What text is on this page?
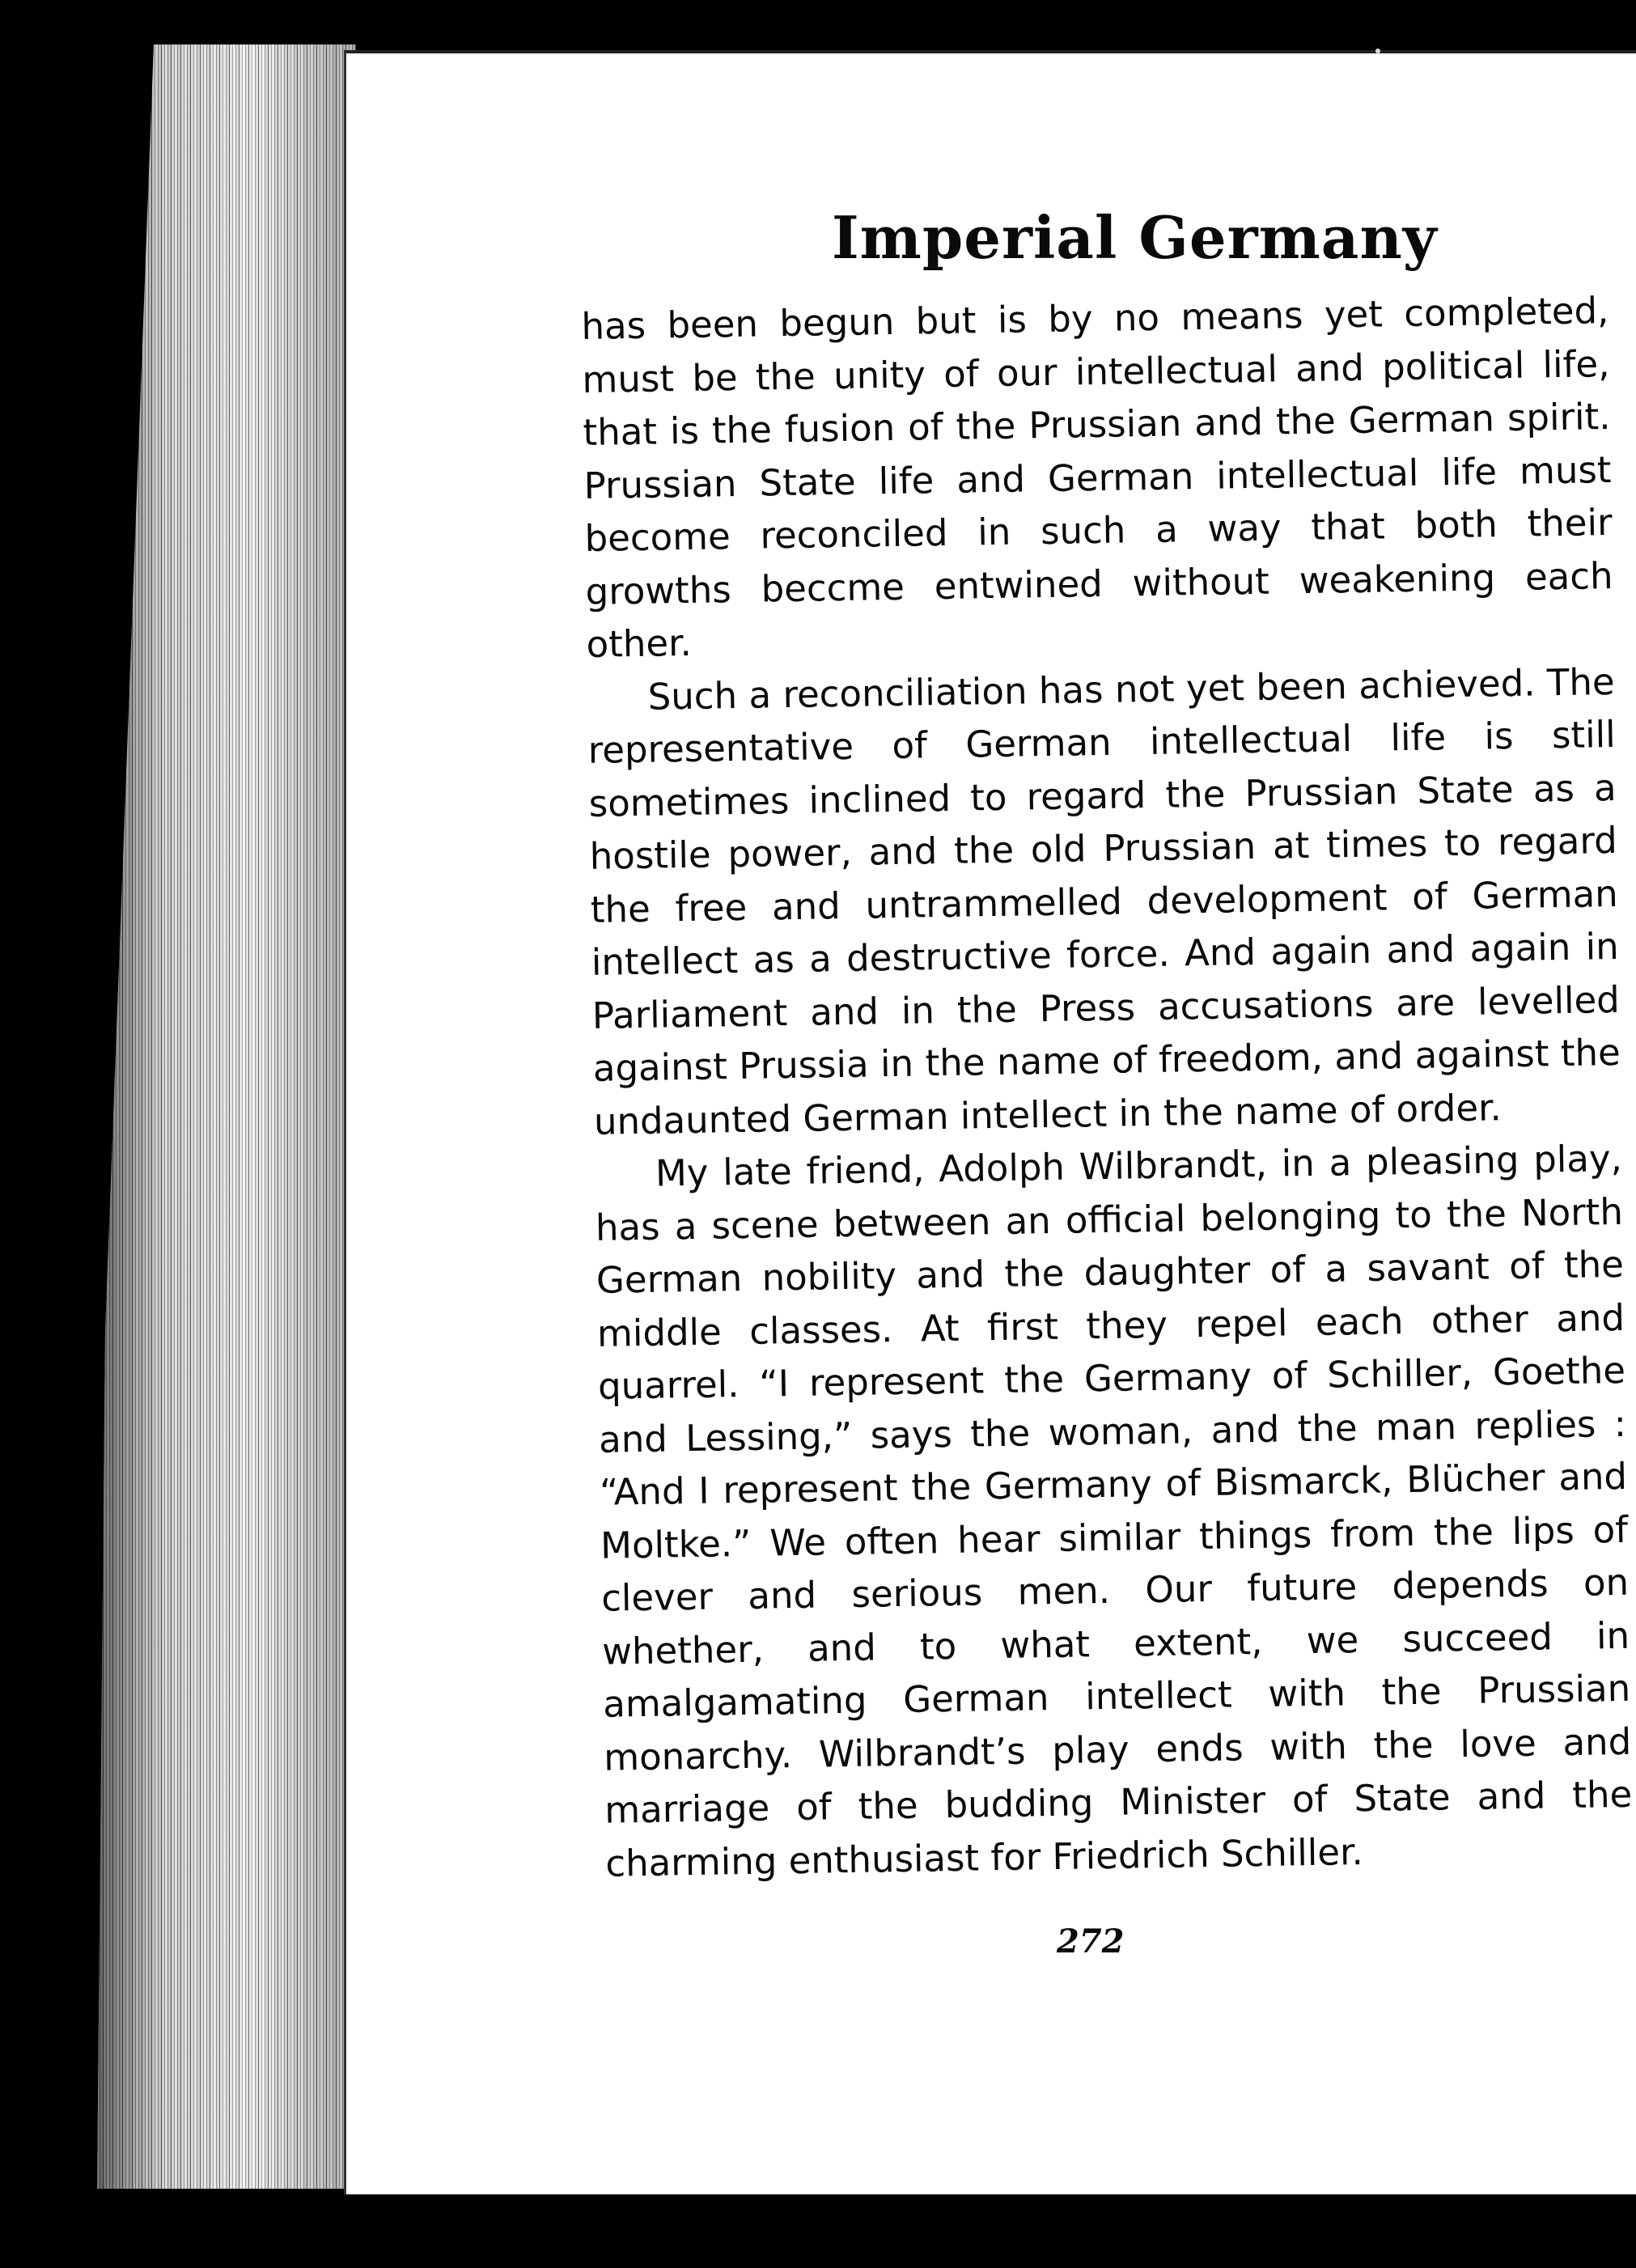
Imperial Germany

has been begun but is by no means yet completed, must be the unity of our intellectual and political life, that is the fusion of the Prussian and the German spirit. Prussian State life and German intellectual life must become reconciled in such a way that both their growths beccme entwined without weakening each other.

Such a reconciliation has not yet been achieved. The representative of German intellectual life is still sometimes inclined to regard the Prussian State as a hostile power, and the old Prussian at times to regard the free and untrammelled development of German intellect as a destructive force. And again and again in Parliament and in the Press accusations are levelled against Prussia in the name of freedom, and against the undaunted German intellect in the name of order.

My late friend, Adolph Wilbrandt, in a pleasing play, has a scene between an official belonging to the North German nobility and the daughter of a savant of the middle classes. At first they repel each other and quarrel. “I represent the Germany of Schiller, Goethe and Lessing,” says the woman, and the man replies : “And I represent the Germany of Bismarck, Blücher and Moltke.” We often hear similar things from the lips of clever and serious men. Our future depends on whether, and to what extent, we succeed in amalgamating German intellect with the Prussian monarchy. Wilbrandt’s play ends with the love and marriage of the budding Minister of State and the charming enthusiast for Friedrich Schiller.

272
